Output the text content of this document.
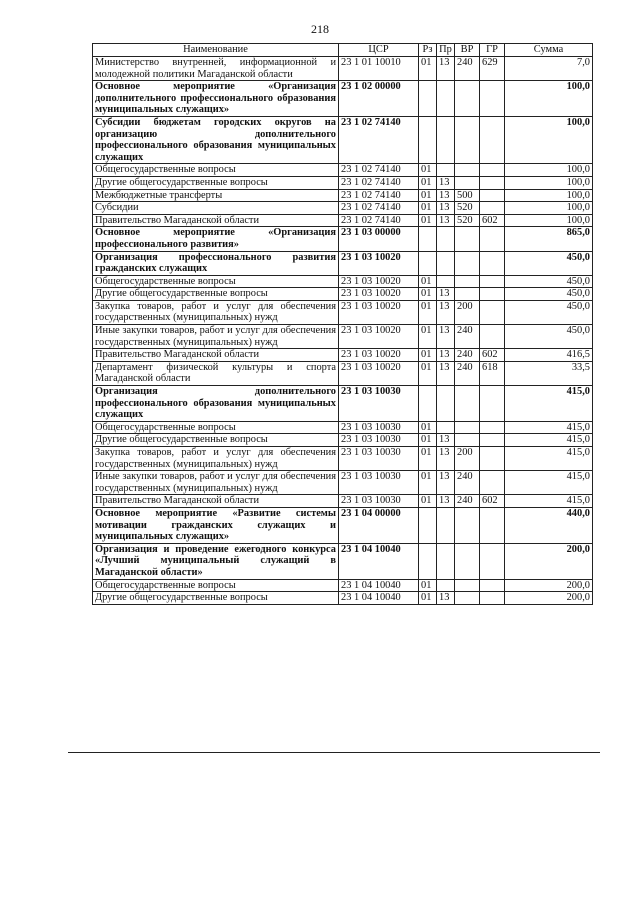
218
Наименование	ЦСР	Рз	Пр	ВР	ГР	Сумма
Министерство внутренней, информационной и молодежной политики Магаданской области	23 1 01 10010	01	13	240	629	7,0
Основное мероприятие «Организация дополнительного профессионального образования муниципальных служащих»	23 1 02 00000					100,0
Субсидии бюджетам городских округов на организацию дополнительного профессионального образования муниципальных служащих	23 1 02 74140					100,0
Общегосударственные вопросы	23 1 02 74140	01				100,0
Другие общегосударственные вопросы	23 1 02 74140	01	13			100,0
Межбюджетные трансферты	23 1 02 74140	01	13	500		100,0
Субсидии	23 1 02 74140	01	13	520		100,0
Правительство Магаданской области	23 1 02 74140	01	13	520	602	100,0
Основное мероприятие «Организация профессионального развития»	23 1 03 00000					865,0
Организация профессионального развития гражданских служащих	23 1 03 10020					450,0
Общегосударственные вопросы	23 1 03 10020	01				450,0
Другие общегосударственные вопросы	23 1 03 10020	01	13			450,0
Закупка товаров, работ и услуг для обеспечения государственных (муниципальных) нужд	23 1 03 10020	01	13	200		450,0
Иные закупки товаров, работ и услуг для обеспечения государственных (муниципальных) нужд	23 1 03 10020	01	13	240		450,0
Правительство Магаданской области	23 1 03 10020	01	13	240	602	416,5
Департамент физической культуры и спорта Магаданской области	23 1 03 10020	01	13	240	618	33,5
Организация дополнительного профессионального образования муниципальных служащих	23 1 03 10030					415,0
Общегосударственные вопросы	23 1 03 10030	01				415,0
Другие общегосударственные вопросы	23 1 03 10030	01	13			415,0
Закупка товаров, работ и услуг для обеспечения государственных (муниципальных) нужд	23 1 03 10030	01	13	200		415,0
Иные закупки товаров, работ и услуг для обеспечения государственных (муниципальных) нужд	23 1 03 10030	01	13	240		415,0
Правительство Магаданской области	23 1 03 10030	01	13	240	602	415,0
Основное мероприятие «Развитие системы мотивации гражданских служащих и муниципальных служащих»	23 1 04 00000					440,0
Организация и проведение ежегодного конкурса «Лучший муниципальный служащий в Магаданской области»	23 1 04 10040					200,0
Общегосударственные вопросы	23 1 04 10040	01				200,0
Другие общегосударственные вопросы	23 1 04 10040	01	13			200,0
